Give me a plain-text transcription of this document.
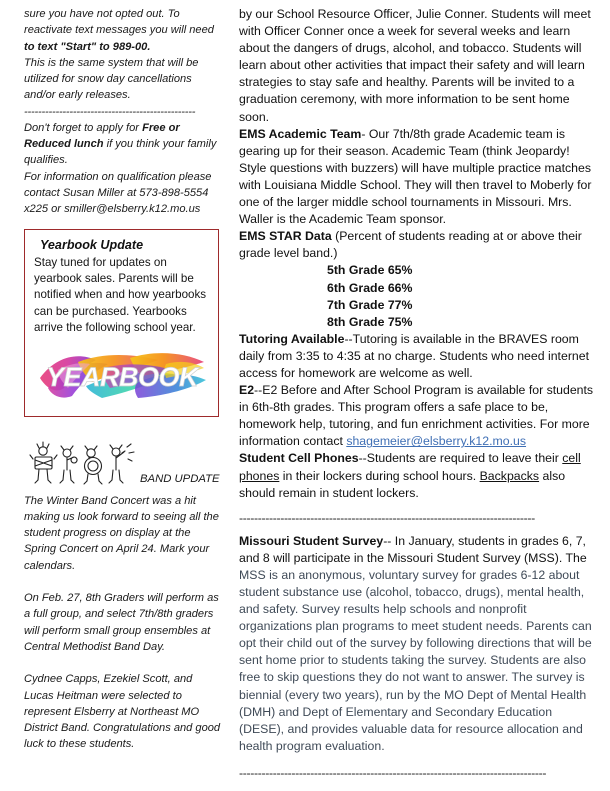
sure you have not opted out. To

reactivate text messages you will need

to text "Start" to 989-00.

This is the same system that will be

utilized for snow day cancellations

and/or early releases.

-------------------------------------------------

Don't forget to apply for Free or Reduced lunch if you think your family qualifies.

For information on qualification please

contact Susan Miller at 573-898-5554

x225 or smiller@elsberry.k12.mo.us

Yearbook Update

Stay tuned for updates on yearbook sales. Parents will be notified when and how yearbooks can be purchased. Yearbooks arrive the following school year.

YEARBOOK
BAND UPDATE

The Winter Band Concert was a hit making us look forward to seeing all the student progress on display at the Spring Concert on April 24. Mark your calendars.

On Feb. 27, 8th Graders will perform as a full group, and select 7th/8th graders will perform small group ensembles at Central Methodist Band Day.

Cydnee Capps, Ezekiel Scott, and Lucas Heitman were selected to represent Elsberry at Northeast MO District Band. Congratulations and good luck to these students.

by our School Resource Officer, Julie Conner. Students will meet with Officer Conner once a week for several weeks and learn about the dangers of drugs, alcohol, and tobacco. Students will learn about other activities that impact their safety and will learn strategies to stay safe and healthy. Parents will be invited to a graduation ceremony, with more information to be sent home soon.

EMS Academic Team- Our 7th/8th grade Academic team is gearing up for their season. Academic Team (think Jeopardy! Style questions with buzzers) will have multiple practice matches with Louisiana Middle School. They will then travel to Moberly for one of the larger middle school tournaments in Missouri. Mrs. Waller is the Academic Team sponsor.

EMS STAR Data (Percent of students reading at or above their grade level band.)

5th Grade 65%
6th Grade 66%
7th Grade 77%
8th Grade 75%

Tutoring Available--Tutoring is available in the BRAVES room daily from 3:35 to 4:35 at no charge. Students who need internet access for homework are welcome as well.

E2--E2 Before and After School Program is available for students in 6th-8th grades. This program offers a safe place to be, homework help, tutoring, and fun enrichment activities. For more information contact shagemeier@elsberry.k12.mo.us

Student Cell Phones--Students are required to leave their cell phones in their lockers during school hours. Backpacks also should remain in student lockers.

-------------------------------------------------------------------------------

Missouri Student Survey-- In January, students in grades 6, 7, and 8 will participate in the Missouri Student Survey (MSS). The MSS is an anonymous, voluntary survey for grades 6-12 about student substance use (alcohol, tobacco, drugs), mental health, and safety. Survey results help schools and nonprofit organizations plan programs to meet student needs. Parents can opt their child out of the survey by following directions that will be sent home prior to students taking the survey. Students are also free to skip questions they do not want to answer. The survey is biennial (every two years), run by the MO Dept of Mental Health (DMH) and Dept of Elementary and Secondary Education (DESE), and provides valuable data for resource allocation and health program evaluation.

----------------------------------------------------------------------------------
